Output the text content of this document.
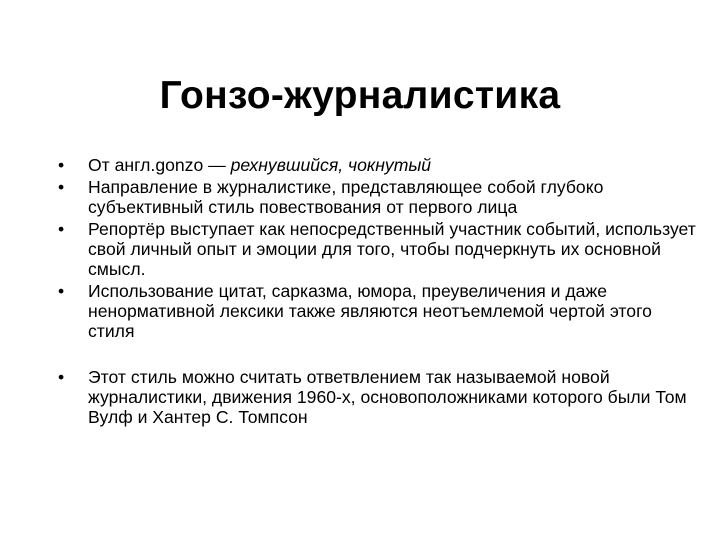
Гонзо-журналистика
•	От англ.gonzo — рехнувшийся, чокнутый
•	Направление в журналистике, представляющее собой глубоко субъективный стиль повествования от первого лица
•	Репортёр выступает как непосредственный участник событий, использует свой личный опыт и эмоции для того, чтобы подчеркнуть их основной смысл.
•	Использование цитат, сарказма, юмора, преувеличения и даже ненормативной лексики также являются неотъемлемой чертой этого стиля
•	Этот стиль можно считать ответвлением так называемой новой журналистики, движения 1960-х, основоположниками которого были Том Вулф и Хантер С. Томпсон
